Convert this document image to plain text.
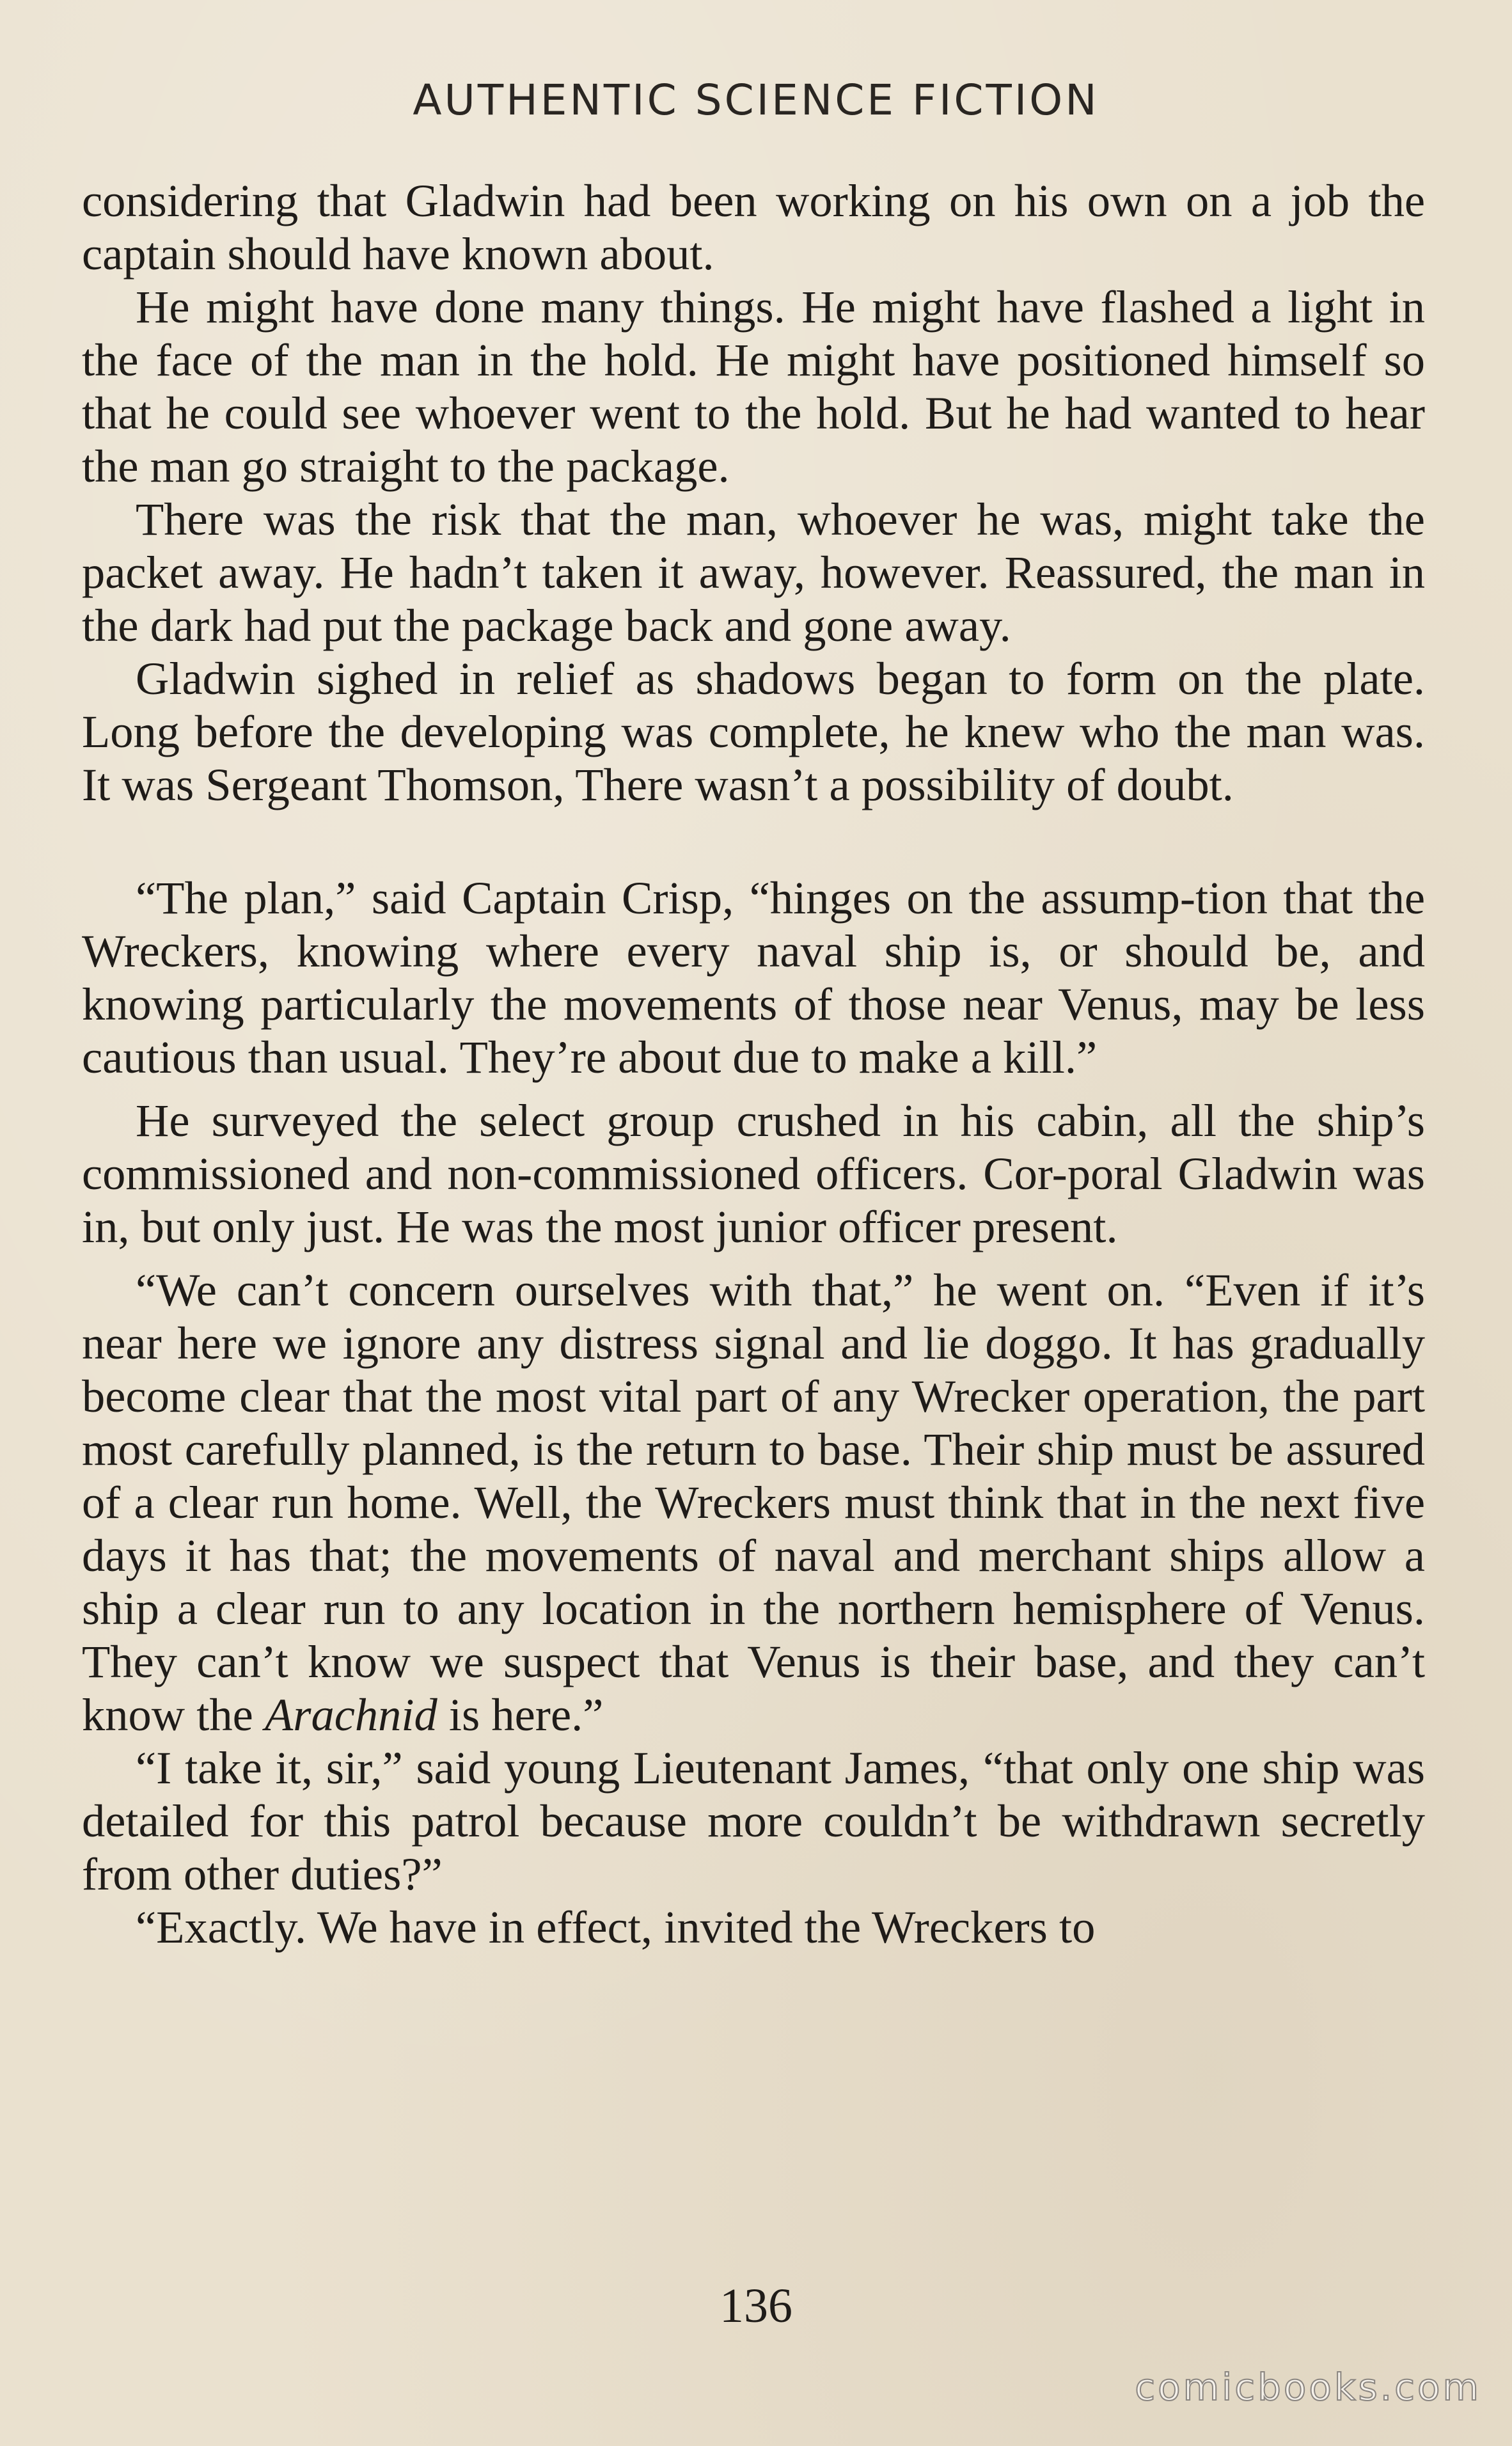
AUTHENTIC SCIENCE FICTION

considering that Gladwin had been working on his own on a job the captain should have known about.

He might have done many things. He might have flashed a light in the face of the man in the hold. He might have positioned himself so that he could see whoever went to the hold. But he had wanted to hear the man go straight to the package.

There was the risk that the man, whoever he was, might take the packet away. He hadn’t taken it away, however. Reassured, the man in the dark had put the package back and gone away.

Gladwin sighed in relief as shadows began to form on the plate. Long before the developing was complete, he knew who the man was. It was Sergeant Thomson, There wasn’t a possibility of doubt.

“The plan,” said Captain Crisp, “hinges on the assump-tion that the Wreckers, knowing where every naval ship is, or should be, and knowing particularly the movements of those near Venus, may be less cautious than usual. They’re about due to make a kill.”

He surveyed the select group crushed in his cabin, all the ship’s commissioned and non-commissioned officers. Cor-poral Gladwin was in, but only just. He was the most junior officer present.

“We can’t concern ourselves with that,” he went on. “Even if it’s near here we ignore any distress signal and lie doggo. It has gradually become clear that the most vital part of any Wrecker operation, the part most carefully planned, is the return to base. Their ship must be assured of a clear run home. Well, the Wreckers must think that in the next five days it has that; the movements of naval and merchant ships allow a ship a clear run to any location in the northern hemisphere of Venus. They can’t know we suspect that Venus is their base, and they can’t know the Arachnid is here.”

“I take it, sir,” said young Lieutenant James, “that only one ship was detailed for this patrol because more couldn’t be withdrawn secretly from other duties?”

“Exactly. We have in effect, invited the Wreckers to

136
comicbooks.com
